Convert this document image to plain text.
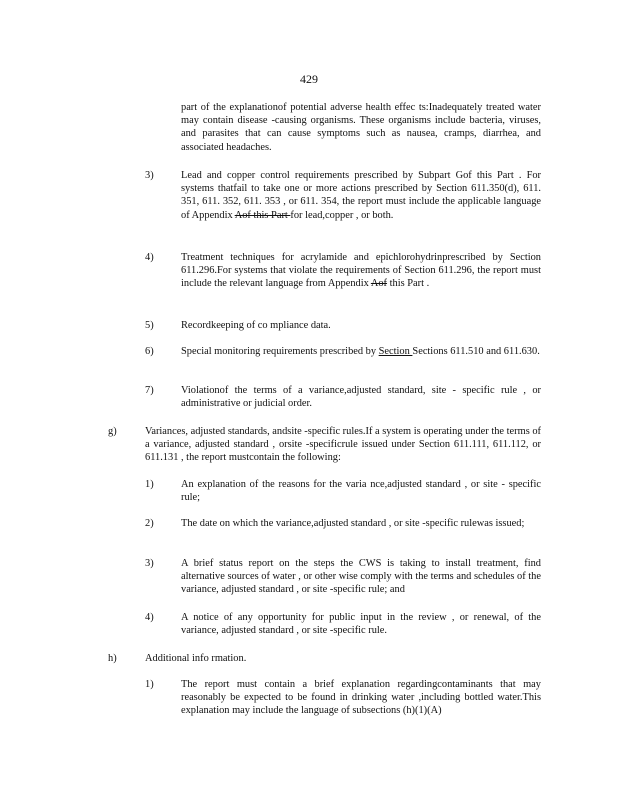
429

part of the explanationof potential adverse health effec ts:Inadequately treated water may contain disease -causing organisms. These organisms include bacteria, viruses, and parasites that can cause symptoms such as nausea, cramps, diarrhea, and associated headaches.

3)	Lead and copper control requirements prescribed by Subpart Gof this Part . For systems thatfail to take one or more actions prescribed by Section 611.350(d), 611. 351, 611. 352, 611. 353 , or 611. 354, the report must include the applicable language of Appendix Aof this Part for lead,copper , or both.

4)	Treatment techniques for acrylamide and epichlorohydrinprescribed by Section 611.296.For systems that violate the requirements of Section 611.296, the report must include the relevant language from Appendix Aof this Part .

5)	Recordkeeping of co mpliance data.

6)	Special monitoring requirements prescribed by Section Sections 611.510 and 611.630.

7)	Violationof the terms of a variance,adjusted standard, site - specific rule , or administrative or judicial order.

g)	Variances, adjusted standards, andsite -specific rules.If a system is operating under the terms of a variance, adjusted standard , orsite -specificrule issued under Section 611.111, 611.112, or 611.131 , the report mustcontain the following:

1)	An explanation of the reasons for the varia nce,adjusted standard , or site - specific rule;

2)	The date on which the variance,adjusted standard , or site -specific rulewas issued;

3)	A brief status report on the steps the CWS is taking to install treatment, find alternative sources of water , or other wise comply with the terms and schedules of the variance, adjusted standard , or site -specific rule; and

4)	A notice of any opportunity for public input in the review , or renewal, of the variance, adjusted standard , or site -specific rule.

h)	Additional info rmation.

1)	The report must contain a brief explanation regardingcontaminants that may reasonably be expected to be found in drinking water ,including bottled water.This explanation may include the language of subsections (h)(1)(A)
